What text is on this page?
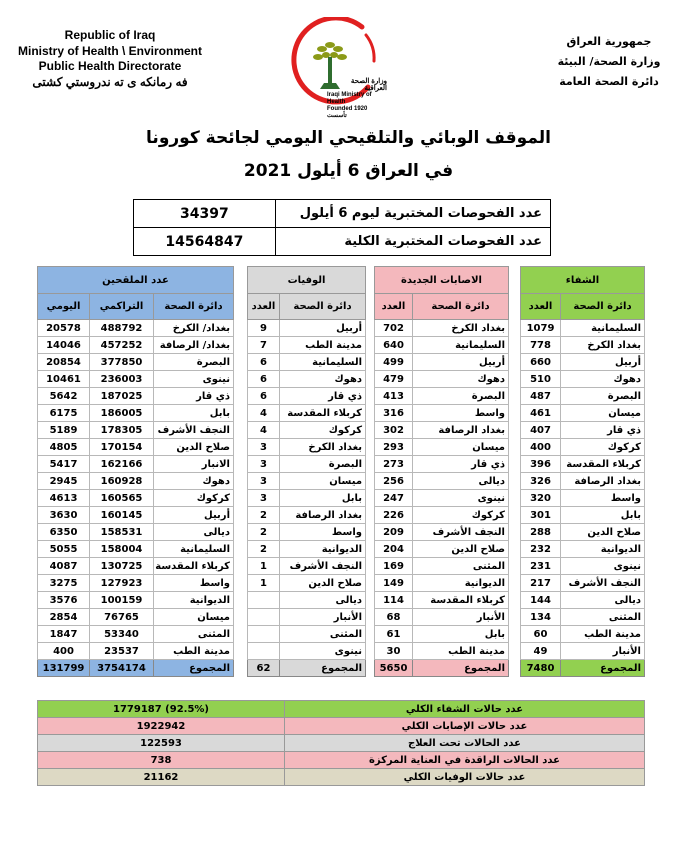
Republic of Iraq
Ministry of Health \ Environment
Public Health Directorate
فه رمانكه ى ته ندروستي كشتى	وزارة الصحة العراقية
Iraqi Ministry of Health
Founded 1920 تأسست
جمهورية العراق
وزارة الصحة/ البيئة
دائرة الصحة العامة
الموقف الوبائي والتلقيحي اليومي لجائحة كورونا
في العراق 6 أيلول 2021
34397	عدد الفحوصات المختبرية ليوم 6 أيلول
14564847	عدد الفحوصات المختبرية الكلية
عدد الملقحين		
اليومي	التراكمي	دائرة الصحة
20578	488792	بغداد/ الكرخ
14046	457252	بغداد/ الرصافة
20854	377850	البصرة
10461	236003	نينوى
5642	187025	ذي قار
6175	186005	بابل
5189	178305	النجف الأشرف
4805	170154	صلاح الدين
5417	162166	الانبار
2945	160928	دهوك
4613	160565	كركوك
3630	160145	أربيل
6350	158531	ديالى
5055	158004	السليمانية
4087	130725	كربلاء المقدسة
3275	127923	واسط
3576	100159	الديوانية
2854	76765	ميسان
1847	53340	المثنى
400	23537	مدينة الطب
131799	3754174	المجموع
الوفيات	
العدد	دائرة الصحة
9	أربيل
7	مدينة الطب
6	السليمانية
6	دهوك
6	ذي قار
4	كربلاء المقدسة
4	كركوك
3	بغداد الكرخ
3	البصرة
3	ميسان
3	بابل
2	بغداد الرصافة
2	واسط
2	الديوانية
1	النجف الأشرف
1	صلاح الدين
	ديالى
	الأنبار
	المثنى
	نينوى
62	المجموع
الاصابات الجديدة	
العدد	دائرة الصحة
702	بغداد الكرخ
640	السليمانية
499	أربيل
479	دهوك
413	البصرة
316	واسط
302	بغداد الرصافة
293	ميسان
273	ذي قار
256	ديالى
247	نينوى
226	كركوك
209	النجف الأشرف
204	صلاح الدين
169	المثنى
149	الديوانية
114	كربلاء المقدسة
68	الأنبار
61	بابل
30	مدينة الطب
5650	المجموع
الشفاء	
العدد	دائرة الصحة
1079	السليمانية
778	بغداد الكرخ
660	أربيل
510	دهوك
487	البصرة
461	ميسان
407	ذي قار
400	كركوك
396	كربلاء المقدسة
326	بغداد الرصافة
320	واسط
301	بابل
288	صلاح الدين
232	الديوانية
231	نينوى
217	النجف الأشرف
144	ديالى
134	المثنى
60	مدينة الطب
49	الأنبار
7480	المجموع
1779187 (92.5%)	عدد حالات الشفاء الكلي
1922942	عدد حالات الإصابات الكلي
122593	عدد الحالات تحت العلاج
738	عدد الحالات الراقدة في العناية المركزة
21162	عدد حالات الوفيات الكلي
